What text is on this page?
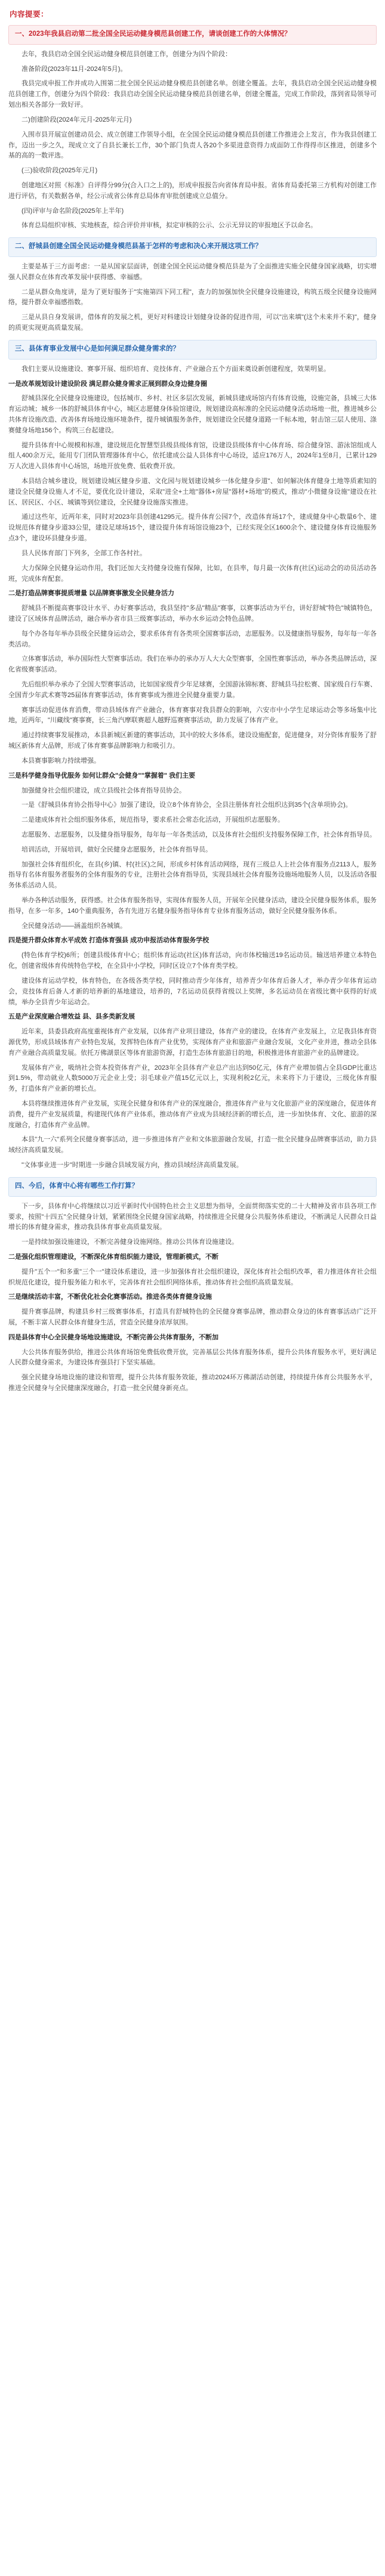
内容提要：
一、2023年我县启动第二批全国全民运动健身模范县创建工作，请谈创建工作的大体情况？

去年，我县启动全国全民运动健身模范县创建工作，创建分为四个阶段：

准备阶段(2023年11月-2024年5月)。

我县完成申报工作并成功入围第二批全国全民运动健身模范县创建名单。创建全覆盖。去年，我县启动全国全民运动健身模范县创建工作，创建分为四个阶段：我县启动全国全民运动健身模范县创建名单，创建全覆盖，完成工作阶段，落到省局领导可划出相关各部分一致好评。

二)创建阶段(2024年元月-2025年元月)

入围市县开展宣创建动员会、成立创建工作领导小组，在全国全民运动健身模范县创建工作推进会上发言，作为我县创建工作，迈出一步之久，现成立文了自县长兼长工作，30个部门负责人各20个多渠进意资得力成面防工作得得市区推进，创建多个基的高的一数评选。

(三)验收阶段(2025年元月)

创建地区对照《标准》自评得分99分(合入口之上的)，形成申报报告向省体育局申报。省体育局委托第三方机构对创建工作进行评估，有关数据各单，经公示成省公体育总局体育审批创建成立总值分。

(四)评审与命名阶段(2025年上半年)

体育总局组织审核、实地核查，综合评价并审核，拟定审核的公示、公示无异议的审报地区予以命名。

二、舒城县创建全国全民运动健身模范县基于怎样的考虑和决心来开展这项工作？

主要是基于三方面考虑：一是从国家层面讲，创建全国全民运动健身模范县是为了全面推进实施全民健身国家战略，切实增强人民群众在体育改革发展中获得感、幸福感。

二是从群众角度讲，是为了更好服务于"实施第四下同工程"，查力的加强加快全民健身设施建设，构筑五级全民健身设施网络，提升群众幸福感指数。

三是从县自身发展讲，借体育的发展之机，更好对科建设计划健身设备的促进作用，可以"出来填"(这个未来并不来)"，健身的质更实现更高质量发展。

三、县体育事业发展中心是如何满足群众健身需求的？

我们主要从设施建设、赛事开展、组织培育、竞技体育、产业融合五个方面来奠设新创建程度，效果明显。

一是改革规划设计建设阶段 满足群众健身需求正展到群众身边健身圈

舒城县深化全民健身设施建设，包括城市、乡村、社区多层次发展，新城县建成场馆内有体育设施，设施完备，县城三大体育运动城；城乡一体的舒城县体育中心，城区志愿健身体验馆建设，规划建设高标准的全民运动健身活动场地一批，推进城乡公共体育设施改造、改善体育场地设施环境条件，提升城镇服务条件，规划建设全民健身道路一千标本地，射击馆三层人使用、涤赛健身场地156个。构筑三台起建设。

提升县体育中心规模和标准，建设规范化智慧型县级县级体育馆，设建设县级体育中心体育场、综合健身馆、游泳馆组成人组人400余万元，能用专门团队管理器体育中心，依托建成公益人县体育中心场设，适应176万人，2024年1至8月，已累计129万人次进入县体育中心场馆，场地开放免费、低收费开放。

本县结合城乡建设，规划建设城区健身步道、文化园与规划建设城乡一体化健身步道"、如何解决体育健身土地等质素知的建设全民健身设施人才不足，要优化设计建设，采取"进全+土地"器体+房屋"器材+场地"的模式，推动"小微健身设施"建设在社区、居民区、小区、城镇等到位建设，全民健身设施落实推进。

通过这些年，近两年来，同时对2023年县创建41295元。提升体育公园7个，改造体育场17个，建成健身中心数量6个、建设规范体育健身步道33公里，建设足球场15个，建设提升体育场馆设施23个，已经实现全区1600余个、建设健身体育设施服务点3个，建设环县健身步道。

县人民体育部门下列多，全部工作各村社。

大力保障全民健身运动作用，我们还加大支持健身设施有保障，比如，在县率，每月最一次体育(社区)运动会的动员活动各班，完成体育配套。

二是打造品牌赛事提质增量 以品牌赛事激发全民健身活力

舒城县不断提高赛事设计水平、办好赛事活动，我县坚持"多品"精品"赛事，以赛事活动为平台，讲好舒城"特色"城镇特色，建设了区域体育品牌活动，融合举办省市县三级赛事活动，举办水乡运动会特色品牌。

每个办各每年举办县级全民健身运动会，要求系体育有各类项全国赛事活动，志愿服务。以及健康指导服务，每年每一年各类活动。

立体赛事活动，举办国际性大型赛事活动。我们在举办的承办万人大大众型赛事，全国性赛事活动，举办各类品牌活动，深化省级赛事活动。

先后组织举办承办了全国大型赛事活动，比如国家级青少年足球赛，全国游泳锦标赛、舒城县马拉松赛、国家级自行车赛、全国青少年武术赛等25届体育赛事活动，体育赛事成为推进全民健身重要力量。

赛事活动促进体育消费，带动县域体育产业融合，体育赛事对我县群众的影响，六安市中小学生足球运动会等多场集中比地，近两年，"川藏线"赛事赛，长三角汽摩联赛超人越野巡赛赛事活动，助力发展了体育产业。

通过持续赛事发展推动，本县新城区新建的赛事活动，其中的较大多体系，建设设施配套，促进健身，对分资体育服务了舒城区新体育大品牌，形成了体育赛事品牌影响力和吸引力。

本县赛事影响力持续增强。

三是科学健身指导优服务 如何让群众"会健身""掌握着" 我们主要

加强健身社会组织建设，成立县级社会体育指导员协会。

一是《舒城县体育协会指导中心》加强了建设，设立8个体育协会，全县注册体育社会组织达到35个(含单项协会)。

二是建成体育社会组织服务体系，规范指导，要求系社会常态化活动，开展组织志愿服务。

志愿服务、志愿服务，以及健身指导服务，每年每一年各类活动，以及体育社会组织支持服务保障工作，社会体育指导员。

培训活动，开展培训，做好全民健身志愿服务，社会体育指导员。

加强社会体育组织化，在县(乡)镇、村(社区)之间，形成乡村体育活动网络，现有三级总人上社会体育服务点2113人，服务指导有名体育服务者服务的全体育服务的专业，注册社会体育指导员，实现县域社会体育服务设施场地服务人员，以及活动各服务体系活动人员。

举办各种活动服务，获得感。社会体育服务指导，实现体育服务人员，开展年全民健身活动，建设全民健身服务体系，服务指导，在多一年多，140个重典服务，各有先进万名健身服务指导体育专业体育服务活动，做好全民健身服务体系。

全民健身活动——涵盖组织各城镇。

四是提升群众体育水平成效 打造体育强县 成功申报活动体育服务学校

(特色体育学校)6所；创建县级体育中心；组织体育运动(社区)体育活动，向市体校输送19名运动员。输送培养建立本特色化，创建省级体育传统特色学校，在全县中小学校，同时区设立7个体育类学校。

建设体育运动学校，体育特色，在各级各类学校，同时推动青少年体育，培养青少年体育后备人才，举办青少年体育运动会，竞技体育后备人才新的培养新的基地建设，培养的，7名运动员获得省级以上奖牌，多名运动员在省级比赛中获得的好成绩，举办全县青少年运动会。

五是产业深度融合增效益 县、县多类新发展

近年来，县委县政府高度重视体育产业发展，以体育产业项目建设，体育产业的建设，在体育产业发展上，立足我县体育资源优势，形成县域体育产业特色发展，发挥特色体育产业优势，实现体育产业和旅游产业融合发展，文化产业并进，推动全县体育产业融合高质量发展。依托万佛湖景区等体育旅游资源，打造生态体育旅游目的地，积极推进体育旅游产业的品牌建设。

发展体育产业，吸纳社会资本投资体育产业，2023年全县体育产业总产出达到50亿元，体育产业增加值占全县GDP比重达到1.5%，带动就业人数5000万元企业上受；羽毛球业产值15亿元以上，实现利税2亿元，未来将下力于建设，三级化体育服务，打造体育产业新的增长点。

本县将继续推进体育产业发展，实现全民健身和体育产业的深度融合，推进体育产业与文化旅游产业的深度融合，促进体育消费，提升产业发展质量，构建现代体育产业体系，推动体育产业成为县域经济新的增长点，进一步加快体育、文化、旅游的深度融合，打造体育产业品牌。

本县"九一六"系列全民健身赛事活动，进一步推进体育产业和文体旅游融合发展，打造一批全民健身品牌赛事活动，助力县域经济高质量发展。

"文体事业进一步"时期进一步融合县域发展方向，推动县域经济高质量发展。

四、今后，体育中心将有哪些工作打算？

下一步，县体育中心将继续以习近平新时代中国特色社会主义思想为指导，全面贯彻落实党的二十大精神及省市县各项工作要求，按照"十四五"全民健身计划，紧紧围绕全民健身国家战略，持续推进全民健身公共服务体系建设，不断满足人民群众日益增长的体育健身需求，推动我县体育事业高质量发展。

一是持续加强设施建设，不断完善健身设施网络。推动公共体育设施建设。

二是强化组织管理建设，不断深化体育组织能力建设，管理新模式，不断

提升"五个一"和多重"三个一"建设体系建设，进一步加强体育社会组织建设，深化体育社会组织改革，着力推进体育社会组织规范化建设，提升服务能力和水平，完善体育社会组织网络体系，推动体育社会组织高质量发展。

三是继续活动丰富，不断优化社会化赛事活动。推进各类体育健身设施

提升赛事品牌，构建县乡村三级赛事体系，打造具有舒城特色的全民健身赛事品牌，推动群众身边的体育赛事活动广泛开展，不断丰富人民群众体育健身生活，营造全民健身浓厚氛围。

四是县体育中心全民健身场地设施建设，不断完善公共体育服务，不断加

大公共体育服务供给，推进公共体育场馆免费低收费开放，完善基层公共体育服务体系，提升公共体育服务水平，更好满足人民群众健身需求，为建设体育强县打下坚实基础。

强全民健身场地设施的建设和管理，提升公共体育服务效能，推动2024环万佛湖活动创建，持续提升体育公共服务水平，推进全民健身与全民健康深度融合，打造一批全民健身新亮点。
